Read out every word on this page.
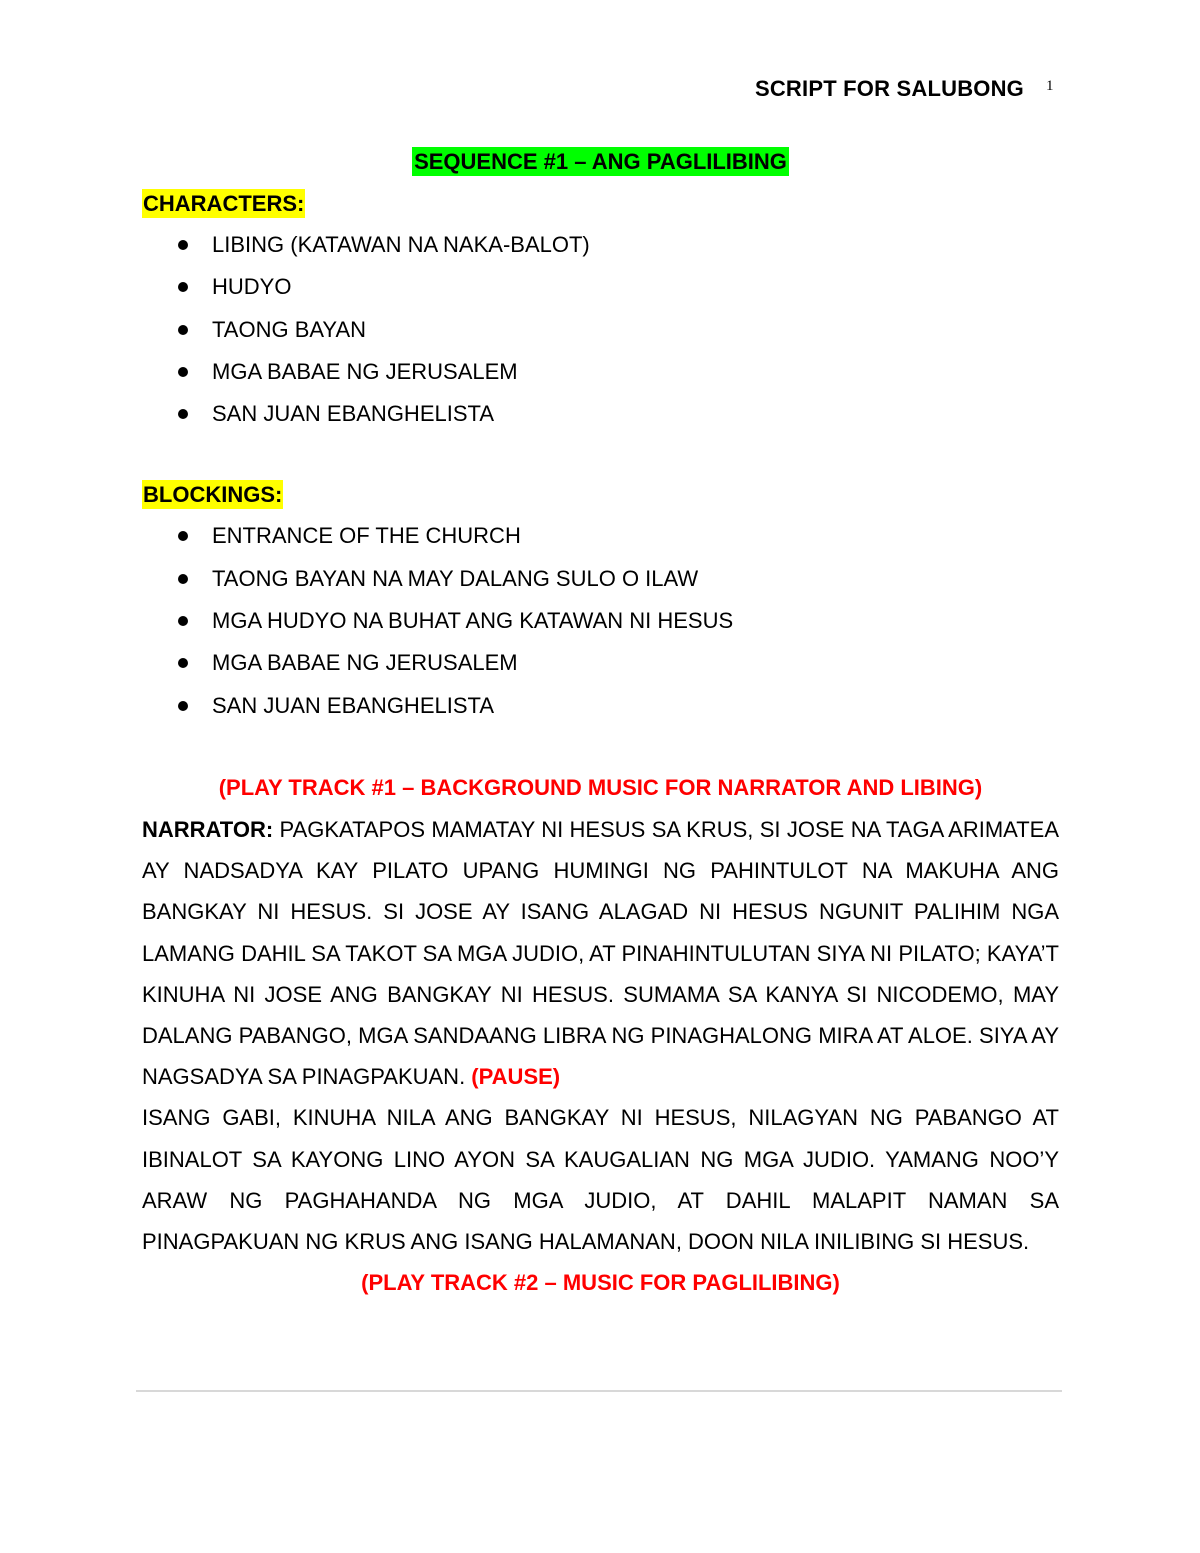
SCRIPT FOR SALUBONG 1
SEQUENCE #1 – ANG PAGLILIBING
CHARACTERS:
LIBING (KATAWAN NA NAKA-BALOT)
HUDYO
TAONG BAYAN
MGA BABAE NG JERUSALEM
SAN JUAN EBANGHELISTA
BLOCKINGS:
ENTRANCE OF THE CHURCH
TAONG BAYAN NA MAY DALANG SULO O ILAW
MGA HUDYO NA BUHAT ANG KATAWAN NI HESUS
MGA BABAE NG JERUSALEM
SAN JUAN EBANGHELISTA
(PLAY TRACK #1 – BACKGROUND MUSIC FOR NARRATOR AND LIBING)
NARRATOR: PAGKATAPOS MAMATAY NI HESUS SA KRUS, SI JOSE NA TAGA ARIMATEA AY NADSADYA KAY PILATO UPANG HUMINGI NG PAHINTULOT NA MAKUHA ANG BANGKAY NI HESUS. SI JOSE AY ISANG ALAGAD NI HESUS NGUNIT PALIHIM NGA LAMANG DAHIL SA TAKOT SA MGA JUDIO, AT PINAHINTULUTAN SIYA NI PILATO; KAYA’T KINUHA NI JOSE ANG BANGKAY NI HESUS. SUMAMA SA KANYA SI NICODEMO, MAY DALANG PABANGO, MGA SANDAANG LIBRA NG PINAGHALONG MIRA AT ALOE. SIYA AY NAGSADYA SA PINAGPAKUAN. (PAUSE)
ISANG GABI, KINUHA NILA ANG BANGKAY NI HESUS, NILAGYAN NG PABANGO AT IBINALOT SA KAYONG LINO AYON SA KAUGALIAN NG MGA JUDIO. YAMANG NOO’Y ARAW NG PAGHAHANDA NG MGA JUDIO, AT DAHIL MALAPIT NAMAN SA PINAGPAKUAN NG KRUS ANG ISANG HALAMANAN, DOON NILA INILIBING SI HESUS.
(PLAY TRACK #2 – MUSIC FOR PAGLILIBING)
